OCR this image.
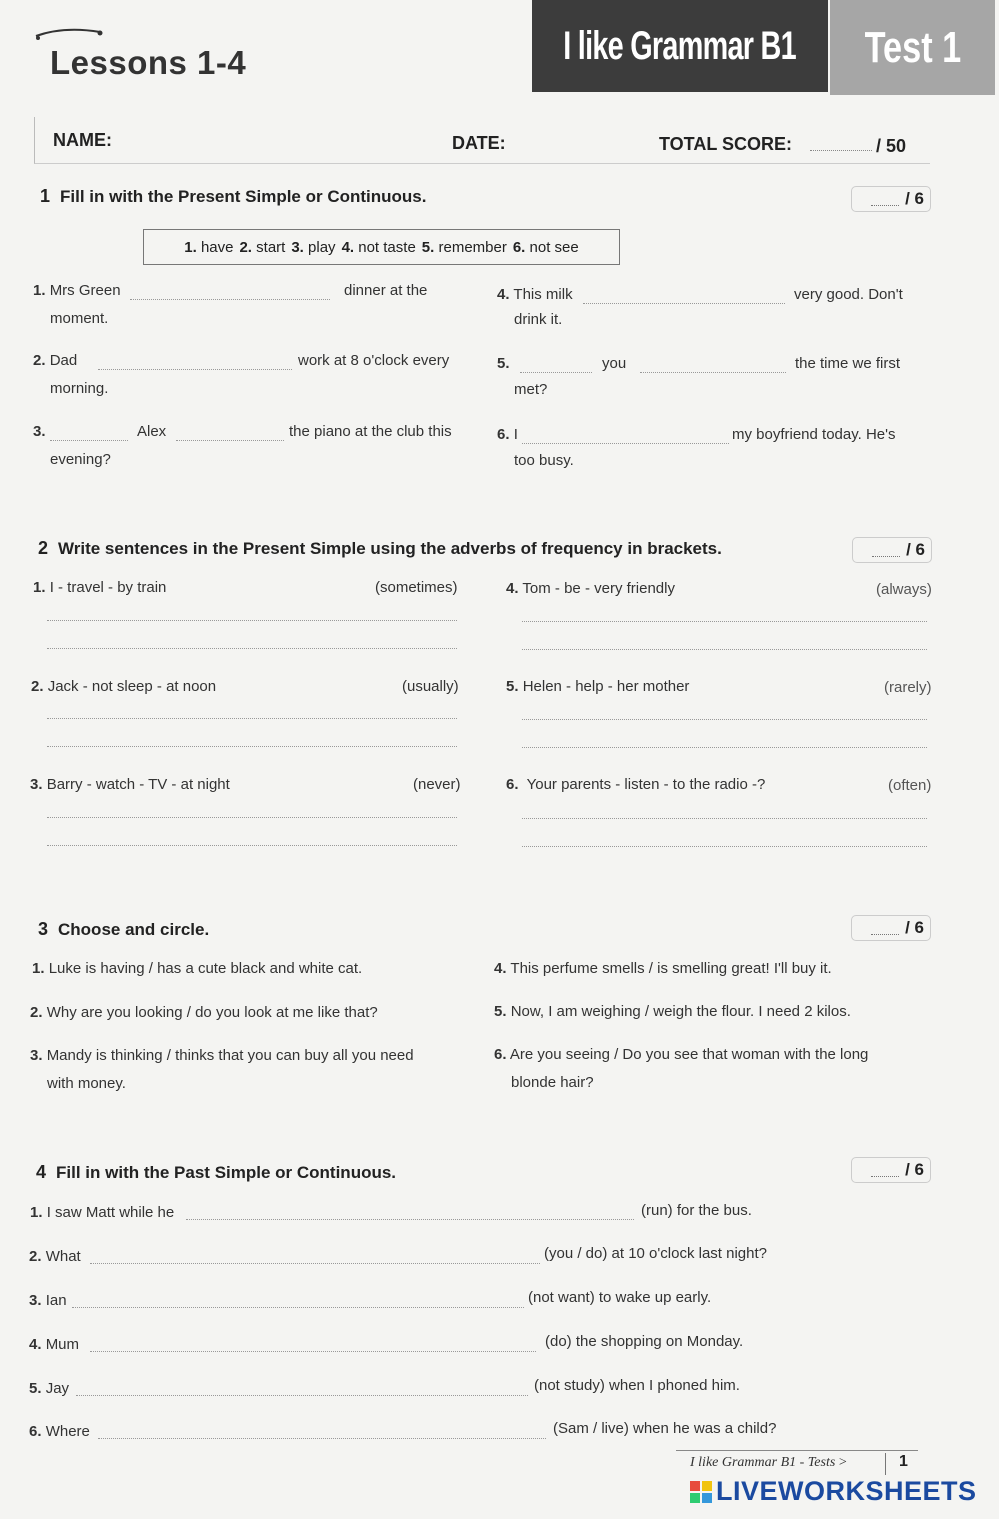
Lessons 1-4	I like Grammar B1 Test 1
NAME:	DATE:	TOTAL SCORE:	/ 50
1 Fill in with the Present Simple or Continuous.	/ 6
1. have 2. start 3. play 4. not taste 5. remember 6. not see
1. Mrs Green	dinner at the
moment.
2. Dad	work at 8 o'clock every
morning.
3.	Alex	the piano at the club this
evening?
4. This milk	very good. Don't
drink it.
5.	you	the time we first
met?
6. I	my boyfriend today. He's
too busy.
2 Write sentences in the Present Simple using the adverbs of frequency in brackets.	/ 6
1. I - travel - by train	(sometimes)
2. Jack - not sleep - at noon	(usually)
3. Barry - watch - TV - at night	(never)
4. Tom - be - very friendly	(always)
5. Helen - help - her mother	(rarely)
6. Your parents - listen - to the radio -?	(often)
3 Choose and circle.	/ 6
1. Luke is having / has a cute black and white cat.
2. Why are you looking / do you look at me like that?
3. Mandy is thinking / thinks that you can buy all you need
with money.
4. This perfume smells / is smelling great! I'll buy it.
5. Now, I am weighing / weigh the flour. I need 2 kilos.
6. Are you seeing / Do you see that woman with the long
blonde hair?
4 Fill in with the Past Simple or Continuous.	/ 6
1. I saw Matt while he	(run) for the bus.
2. What	(you / do) at 10 o'clock last night?
3. Ian	(not want) to wake up early.
4. Mum	(do) the shopping on Monday.
5. Jay	(not study) when I phoned him.
6. Where	(Sam / live) when he was a child?
I like Grammar B1 - Tests >	1
LIVEWORKSHEETS
